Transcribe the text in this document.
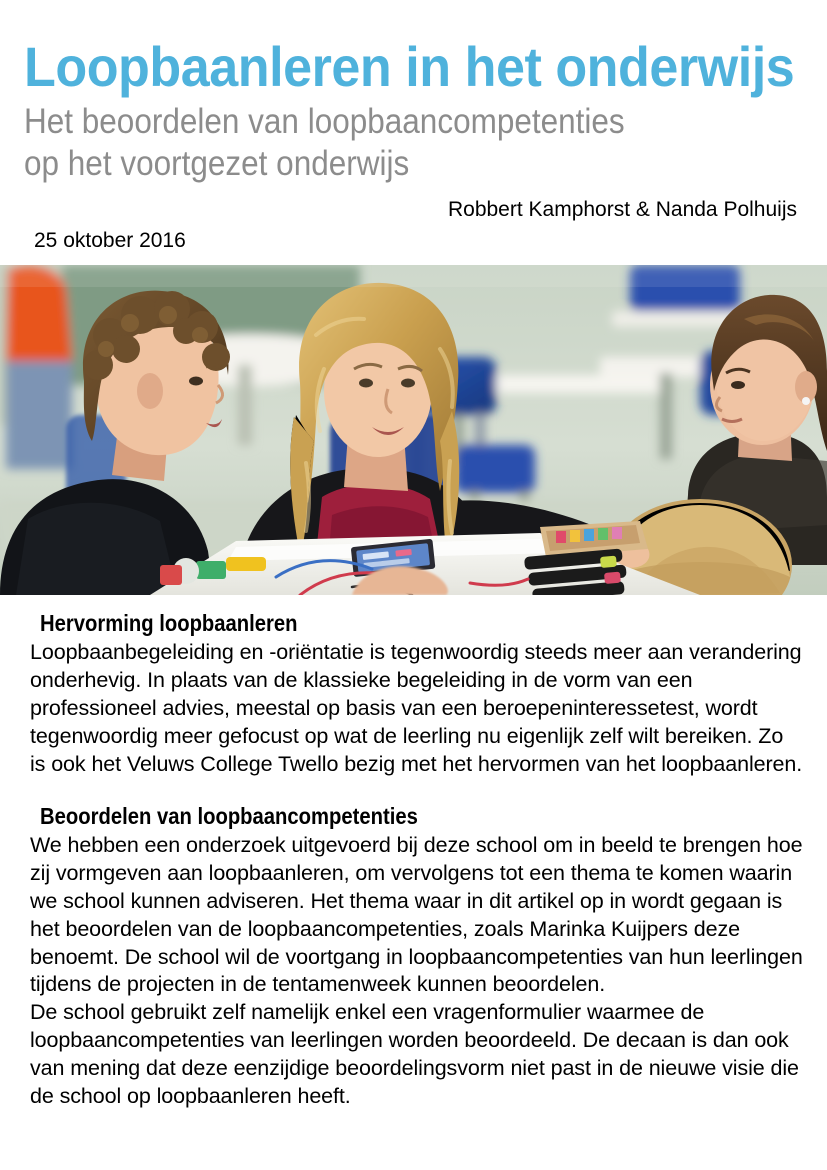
Loopbaanleren in het onderwijs
Het beoordelen van loopbaancompetenties
op het voortgezet onderwijs
Robbert Kamphorst & Nanda Polhuijs
25 oktober 2016
Hervorming loopbaanleren

Loopbaanbegeleiding en -oriëntatie is tegenwoordig steeds meer aan verandering onderhevig. In plaats van de klassieke begeleiding in de vorm van een professioneel advies, meestal op basis van een beroepeninteressetest, wordt tegenwoordig meer gefocust op wat de leerling nu eigenlijk zelf wilt bereiken. Zo is ook het Veluws College Twello bezig met het hervormen van het loopbaanleren.

Beoordelen van loopbaancompetenties

We hebben een onderzoek uitgevoerd bij deze school om in beeld te brengen hoe zij vormgeven aan loopbaanleren, om vervolgens tot een thema te komen waarin we school kunnen adviseren. Het thema waar in dit artikel op in wordt gegaan is het beoordelen van de loopbaancompetenties, zoals Marinka Kuijpers deze benoemt. De school wil de voortgang in loopbaancompetenties van hun leerlingen tijdens de projecten in de tentamenweek kunnen beoordelen.

De school gebruikt zelf namelijk enkel een vragenformulier waarmee de loopbaancompetenties van leerlingen worden beoordeeld. De decaan is dan ook van mening dat deze eenzijdige beoordelingsvorm niet past in de nieuwe visie die de school op loopbaanleren heeft.
